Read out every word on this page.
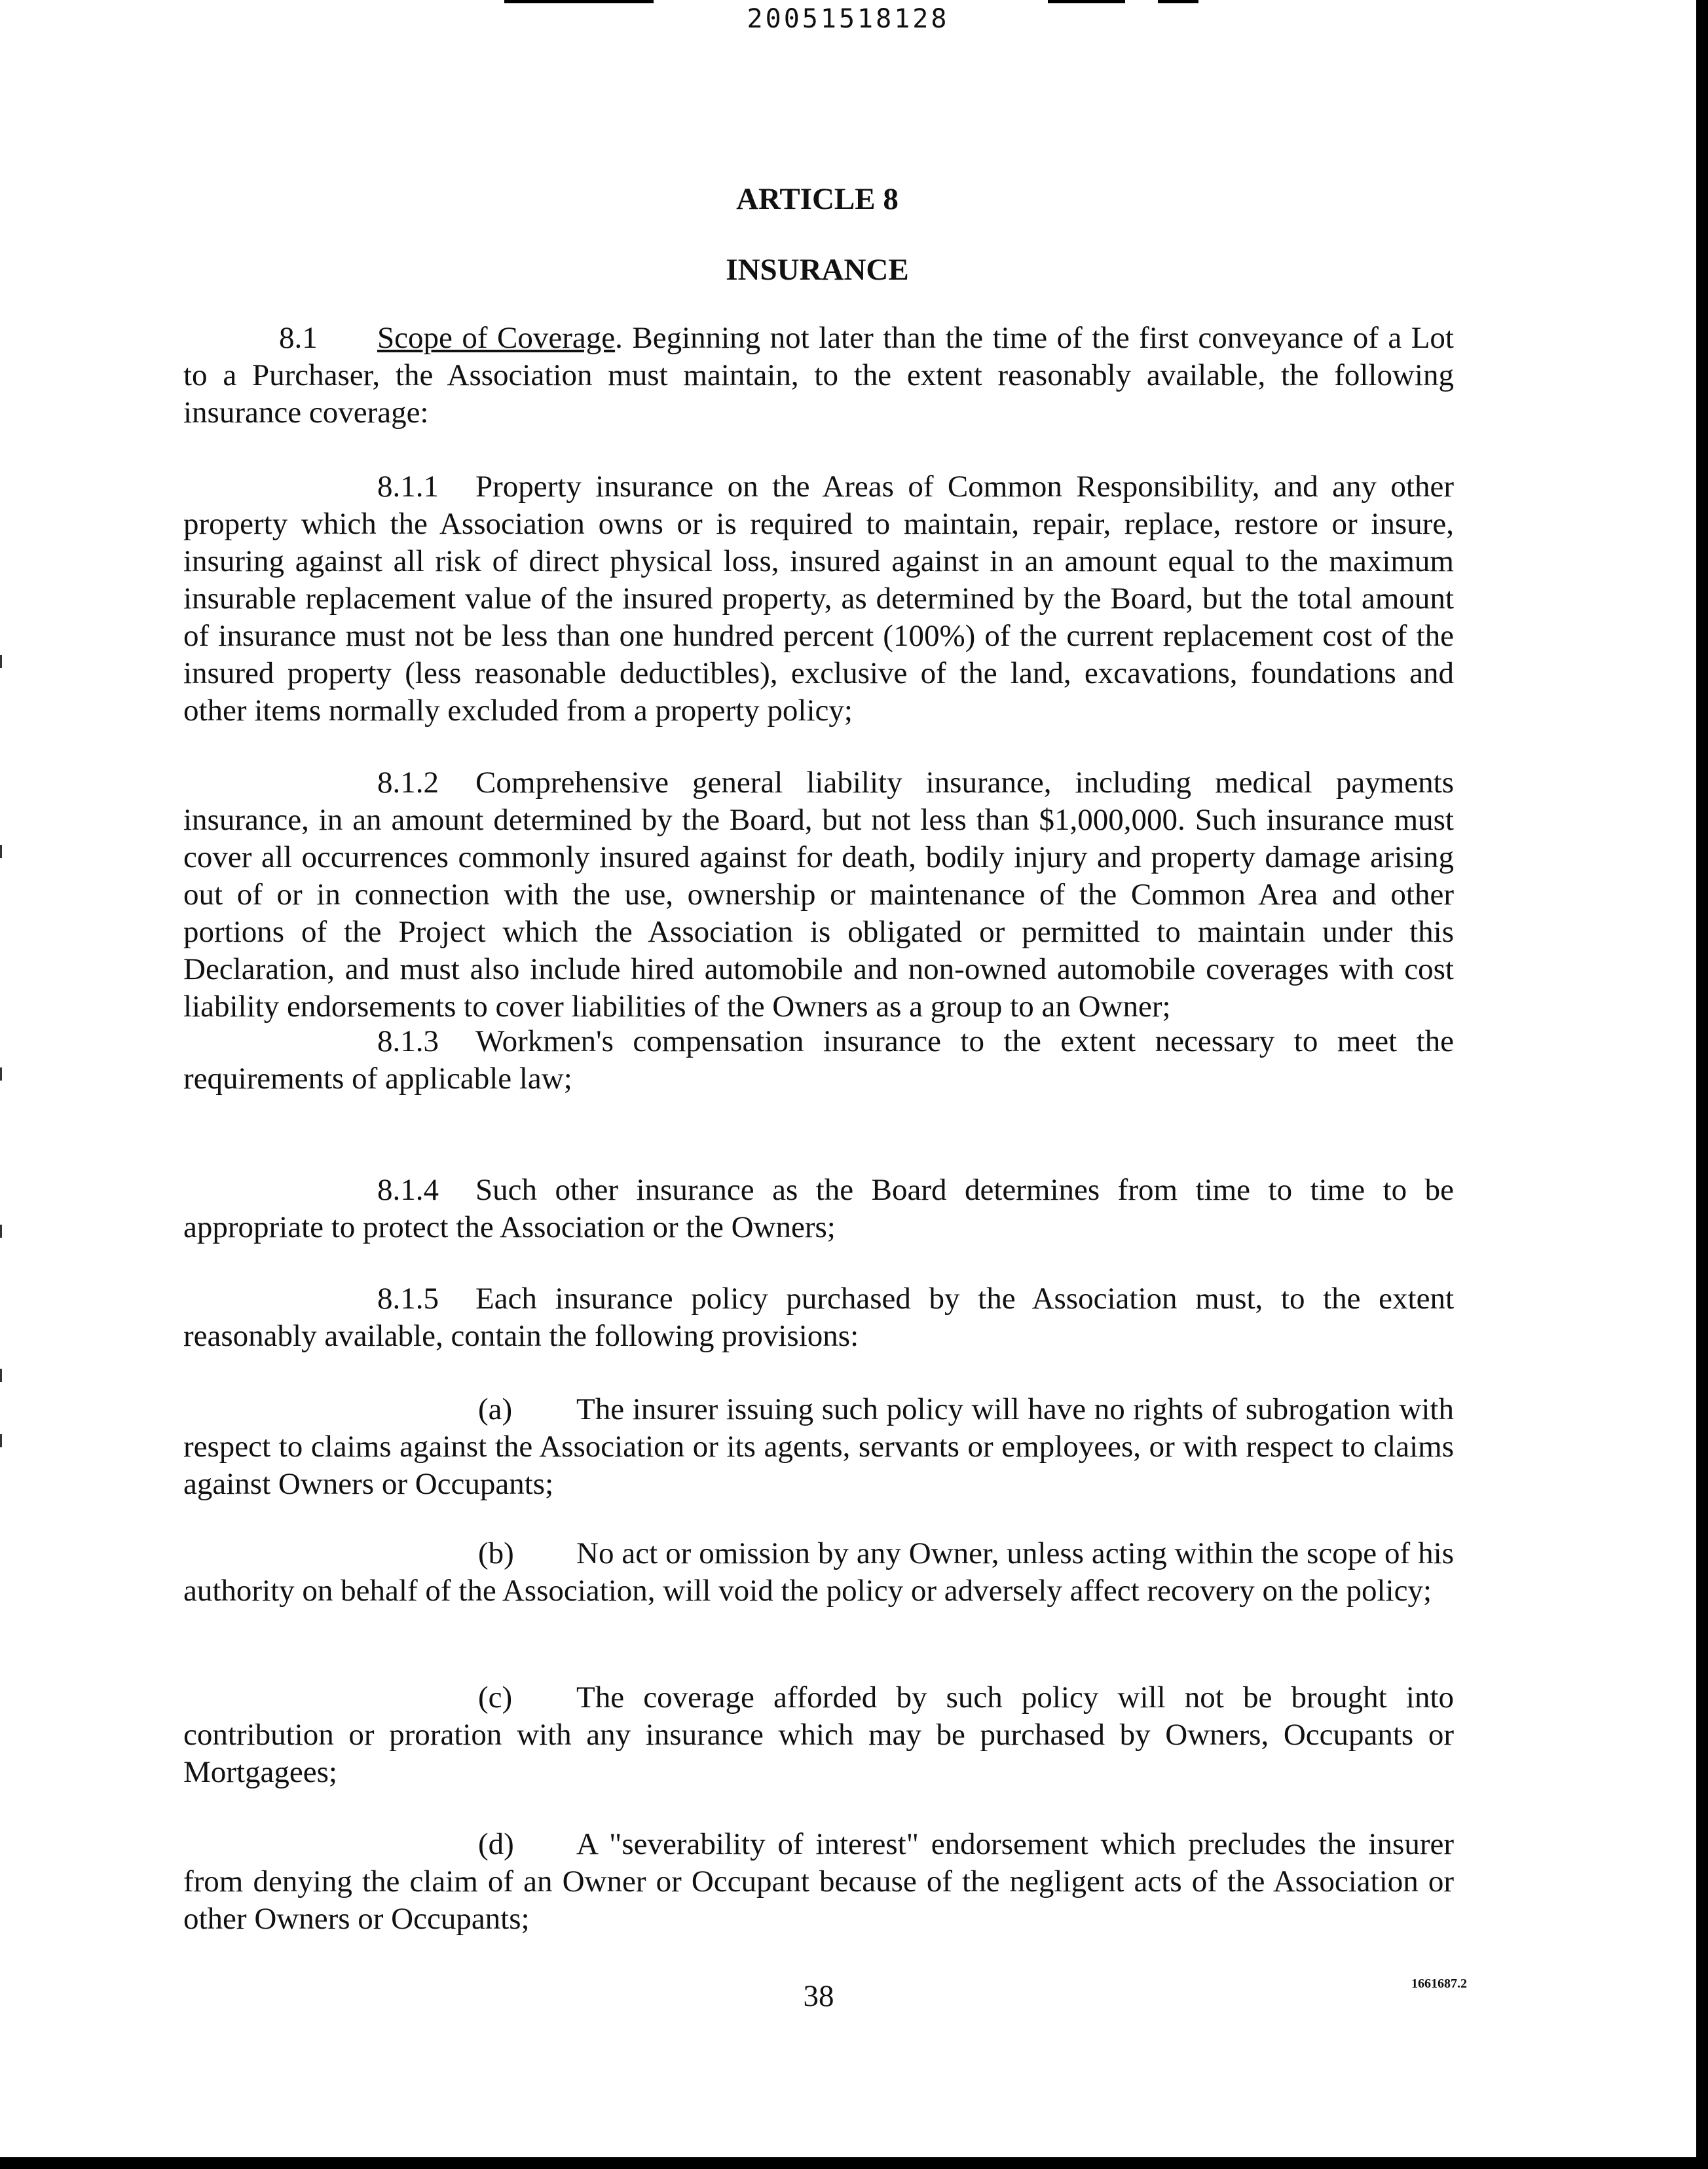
20051518128
ARTICLE 8
INSURANCE

8.1 Scope of Coverage. Beginning not later than the time of the first conveyance of a Lot to a Purchaser, the Association must maintain, to the extent reasonably available, the following insurance coverage:

8.1.1 Property insurance on the Areas of Common Responsibility, and any other property which the Association owns or is required to maintain, repair, replace, restore or insure, insuring against all risk of direct physical loss, insured against in an amount equal to the maximum insurable replacement value of the insured property, as determined by the Board, but the total amount of insurance must not be less than one hundred percent (100%) of the current replacement cost of the insured property (less reasonable deductibles), exclusive of the land, excavations, foundations and other items normally excluded from a property policy;

8.1.2 Comprehensive general liability insurance, including medical payments insurance, in an amount determined by the Board, but not less than $1,000,000. Such insurance must cover all occurrences commonly insured against for death, bodily injury and property damage arising out of or in connection with the use, ownership or maintenance of the Common Area and other portions of the Project which the Association is obligated or permitted to maintain under this Declaration, and must also include hired automobile and non-owned automobile coverages with cost liability endorsements to cover liabilities of the Owners as a group to an Owner;

8.1.3 Workmen's compensation insurance to the extent necessary to meet the requirements of applicable law;

8.1.4 Such other insurance as the Board determines from time to time to be appropriate to protect the Association or the Owners;

8.1.5 Each insurance policy purchased by the Association must, to the extent reasonably available, contain the following provisions:

(a) The insurer issuing such policy will have no rights of subrogation with respect to claims against the Association or its agents, servants or employees, or with respect to claims against Owners or Occupants;

(b) No act or omission by any Owner, unless acting within the scope of his authority on behalf of the Association, will void the policy or adversely affect recovery on the policy;

(c) The coverage afforded by such policy will not be brought into contribution or proration with any insurance which may be purchased by Owners, Occupants or Mortgagees;

(d) A "severability of interest" endorsement which precludes the insurer from denying the claim of an Owner or Occupant because of the negligent acts of the Association or other Owners or Occupants;

38	1661687.2
